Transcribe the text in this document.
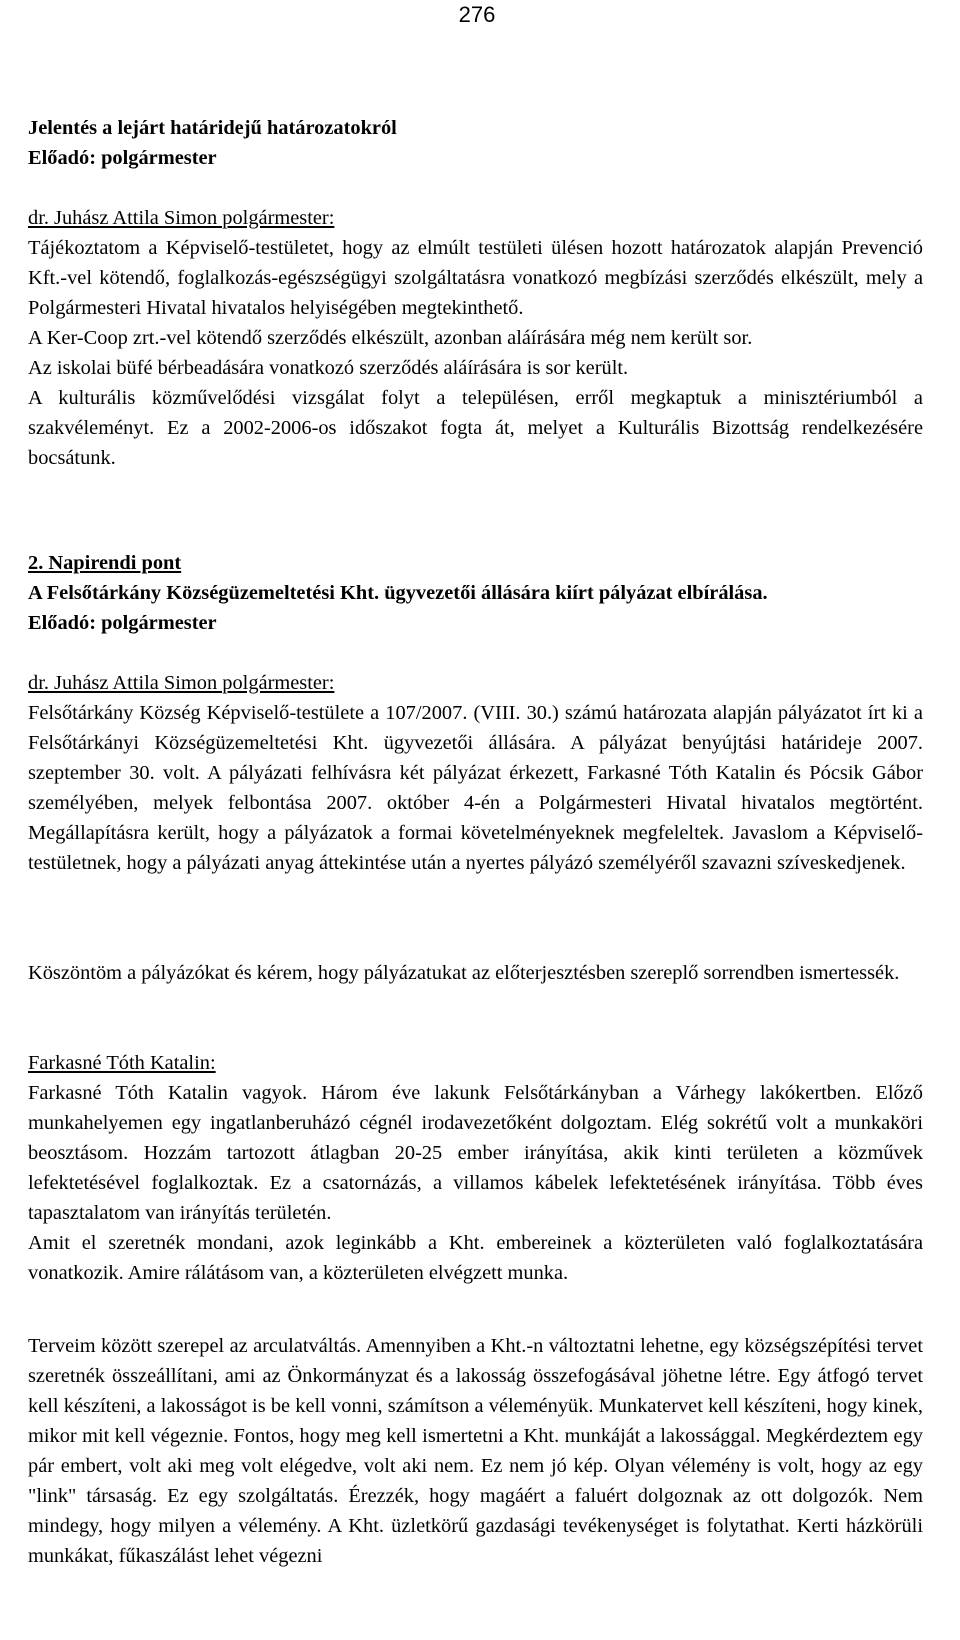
276

Jelentés a lejárt határidejű határozatokról

Előadó: polgármester

dr. Juhász Attila Simon polgármester:

Tájékoztatom a Képviselő-testületet, hogy az elmúlt testületi ülésen hozott határozatok alapján Prevenció Kft.-vel kötendő, foglalkozás-egészségügyi szolgáltatásra vonatkozó megbízási szerződés elkészült, mely a Polgármesteri Hivatal hivatalos helyiségében megtekinthető.

A Ker-Coop zrt.-vel kötendő szerződés elkészült, azonban aláírására még nem került sor.

Az iskolai büfé bérbeadására vonatkozó szerződés aláírására is sor került.

A kulturális közművelődési vizsgálat folyt a településen, erről megkaptuk a minisztériumból a szakvéleményt. Ez a 2002-2006-os időszakot fogta át, melyet a Kulturális Bizottság rendelkezésére bocsátunk.

2. Napirendi pont

A Felsőtárkány Községüzemeltetési Kht. ügyvezetői állására kiírt pályázat elbírálása.

Előadó: polgármester

dr. Juhász Attila Simon polgármester:

Felsőtárkány Község Képviselő-testülete a 107/2007. (VIII. 30.) számú határozata alapján pályázatot írt ki a Felsőtárkányi Községüzemeltetési Kht. ügyvezetői állására. A pályázat benyújtási határideje 2007. szeptember 30. volt. A pályázati felhívásra két pályázat érkezett, Farkasné Tóth Katalin és Pócsik Gábor személyében, melyek felbontása 2007. október 4-én a Polgármesteri Hivatal hivatalos megtörtént. Megállapításra került, hogy a pályázatok a formai követelményeknek megfeleltek. Javaslom a Képviselő-testületnek, hogy a pályázati anyag áttekintése után a nyertes pályázó személyéről szavazni szíveskedjenek.

Köszöntöm a pályázókat és kérem, hogy pályázatukat az előterjesztésben szereplő sorrendben ismertessék.

Farkasné Tóth Katalin:

Farkasné Tóth Katalin vagyok. Három éve lakunk Felsőtárkányban a Várhegy lakókertben. Előző munkahelyemen egy ingatlanberuházó cégnél irodavezetőként dolgoztam. Elég sokrétű volt a munkaköri beosztásom. Hozzám tartozott átlagban 20-25 ember irányítása, akik kinti területen a közművek lefektetésével foglalkoztak. Ez a csatornázás, a villamos kábelek lefektetésének irányítása. Több éves tapasztalatom van irányítás területén.

Amit el szeretnék mondani, azok leginkább a Kht. embereinek a közterületen való foglalkoztatására vonatkozik. Amire rálátásom van, a közterületen elvégzett munka.

Terveim között szerepel az arculatváltás. Amennyiben a Kht.-n változtatni lehetne, egy községszépítési tervet szeretnék összeállítani, ami az Önkormányzat és a lakosság összefogásával jöhetne létre. Egy átfogó tervet kell készíteni, a lakosságot is be kell vonni, számítson a véleményük. Munkatervet kell készíteni, hogy kinek, mikor mit kell végeznie. Fontos, hogy meg kell ismertetni a Kht. munkáját a lakossággal. Megkérdeztem egy pár embert, volt aki meg volt elégedve, volt aki nem. Ez nem jó kép. Olyan vélemény is volt, hogy az egy "link" társaság. Ez egy szolgáltatás. Érezzék, hogy magáért a faluért dolgoznak az ott dolgozók. Nem mindegy, hogy milyen a vélemény. A Kht. üzletkörű gazdasági tevékenységet is folytathat. Kerti házkörüli munkákat, fűkaszálást lehet végezni
